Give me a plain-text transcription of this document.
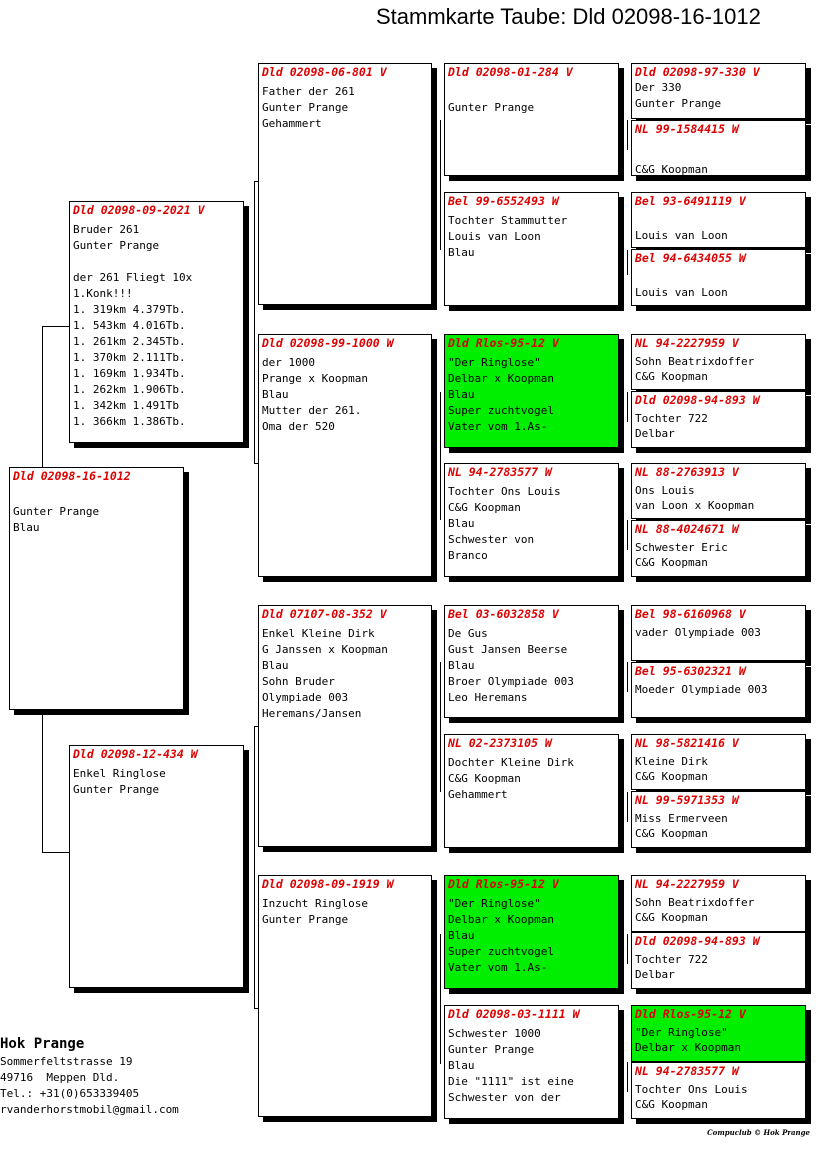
Stammkarte Taube: Dld 02098-16-1012
Dld 02098-16-1012

Gunter Prange
Blau
Dld 02098-09-2021 V
Bruder 261
Gunter Prange

der 261 Fliegt 10x
1.Konk!!!
1. 319km 4.379Tb.
1. 543km 4.016Tb.
1. 261km 2.345Tb.
1. 370km 2.111Tb.
1. 169km 1.934Tb.
1. 262km 1.906Tb.
1. 342km 1.491Tb
1. 366km 1.386Tb.
Dld 02098-12-434 W
Enkel Ringlose
Gunter Prange
Dld 02098-06-801 V
Father der 261
Gunter Prange
Gehammert
Dld 02098-99-1000 W
der 1000
Prange x Koopman
Blau
Mutter der 261.
Oma der 520
Dld 07107-08-352 V
Enkel Kleine Dirk
G Janssen x Koopman
Blau
Sohn Bruder
Olympiade 003
Heremans/Jansen
Dld 02098-09-1919 W
Inzucht Ringlose
Gunter Prange
Dld 02098-01-284 V

Gunter Prange
Bel 99-6552493 W
Tochter Stammutter
Louis van Loon
Blau
Dld Rlos-95-12 V
"Der Ringlose"
Delbar x Koopman
Blau
Super zuchtvogel
Vater vom 1.As-
NL 94-2783577 W
Tochter Ons Louis
C&G Koopman
Blau
Schwester von
Branco
Bel 03-6032858 V
De Gus
Gust Jansen Beerse
Blau
Broer Olympiade 003
Leo Heremans
NL 02-2373105 W
Dochter Kleine Dirk
C&G Koopman
Gehammert
Dld Rlos-95-12 V
"Der Ringlose"
Delbar x Koopman
Blau
Super zuchtvogel
Vater vom 1.As-
Dld 02098-03-1111 W
Schwester 1000
Gunter Prange
Blau
Die "1111" ist eine
Schwester von der
Dld 02098-97-330 V
Der 330
Gunter Prange
NL 99-1584415 W

C&G Koopman
Bel 93-6491119 V

Louis van Loon
Bel 94-6434055 W

Louis van Loon
NL 94-2227959 V
Sohn Beatrixdoffer
C&G Koopman
Dld 02098-94-893 W
Tochter 722
Delbar
NL 88-2763913 V
Ons Louis
van Loon x Koopman
NL 88-4024671 W
Schwester Eric
C&G Koopman
Bel 98-6160968 V
vader Olympiade 003
Bel 95-6302321 W
Moeder Olympiade 003
NL 98-5821416 V
Kleine Dirk
C&G Koopman
NL 99-5971353 W
Miss Ermerveen
C&G Koopman
NL 94-2227959 V
Sohn Beatrixdoffer
C&G Koopman
Dld 02098-94-893 W
Tochter 722
Delbar
Dld Rlos-95-12 V
"Der Ringlose"
Delbar x Koopman
NL 94-2783577 W
Tochter Ons Louis
C&G Koopman
Hok Prange
Sommerfeltstrasse 19
49716  Meppen Dld.
Tel.: +31(0)653339405
rvanderhorstmobil@gmail.com
Compuclub © Hok Prange
